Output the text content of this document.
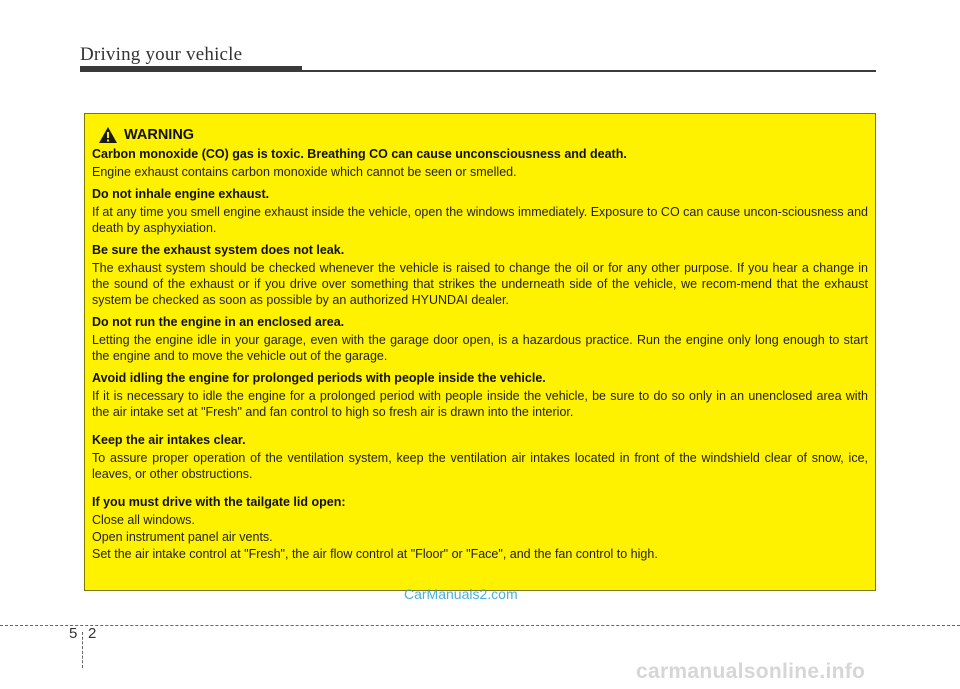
Driving your vehicle
WARNING
Carbon monoxide (CO) gas is toxic. Breathing CO can cause unconsciousness and death.
Engine exhaust contains carbon monoxide which cannot be seen or smelled.
Do not inhale engine exhaust.
If at any time you smell engine exhaust inside the vehicle, open the windows immediately. Exposure to CO can cause uncon-sciousness and death by asphyxiation.
Be sure the exhaust system does not leak.
The exhaust system should be checked whenever the vehicle is raised to change the oil or for any other purpose. If you hear a change in the sound of the exhaust or if you drive over something that strikes the underneath side of the vehicle, we recom-mend that the exhaust system be checked as soon as possible by an authorized HYUNDAI dealer.
Do not run the engine in an enclosed area.
Letting the engine idle in your garage, even with the garage door open, is a hazardous practice. Run the engine only long enough to start the engine and to move the vehicle out of the garage.
Avoid idling the engine for prolonged periods with people inside the vehicle.
If it is necessary to idle the engine for a prolonged period with people inside the vehicle, be sure to do so only in an unenclosed area with the air intake set at "Fresh" and fan control to high so fresh air is drawn into the interior.
Keep the air intakes clear.
To assure proper operation of the ventilation system, keep the ventilation air intakes located in front of the windshield clear of snow, ice, leaves, or other obstructions.
If you must drive with the tailgate lid open:
Close all windows.
Open instrument panel air vents.
Set the air intake control at "Fresh", the air flow control at "Floor" or "Face", and the fan control to high.
CarManuals2.com
5 2
carmanualsonline.info
